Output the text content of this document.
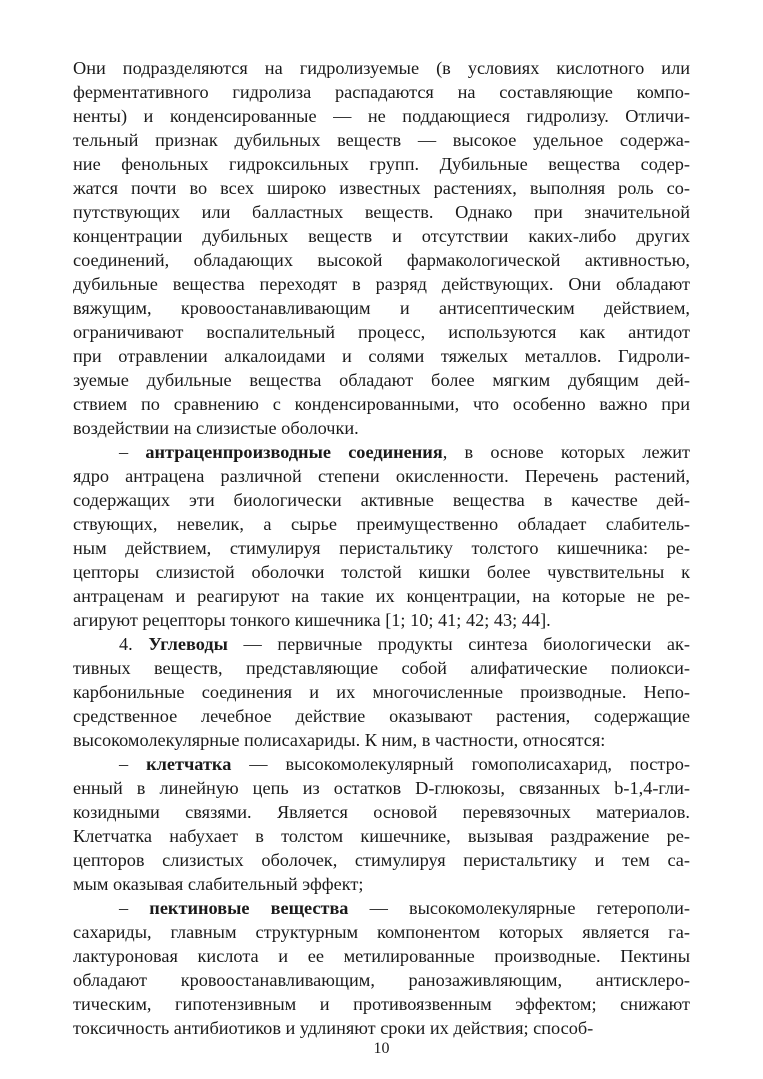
Они подразделяются на гидролизуемые (в условиях кислотного или
ферментативного гидролиза распадаются на составляющие компо-
ненты) и конденсированные — не поддающиеся гидролизу. Отличи-
тельный признак дубильных веществ — высокое удельное содержа-
ние фенольных гидроксильных групп. Дубильные вещества содер-
жатся почти во всех широко известных растениях, выполняя роль со-
путствующих или балластных веществ. Однако при значительной
концентрации дубильных веществ и отсутствии каких-либо других
соединений, обладающих высокой фармакологической активностью,
дубильные вещества переходят в разряд действующих. Они обладают
вяжущим, кровоостанавливающим и антисептическим действием,
ограничивают воспалительный процесс, используются как антидот
при отравлении алкалоидами и солями тяжелых металлов. Гидроли-
зуемые дубильные вещества обладают более мягким дубящим дей-
ствием по сравнению с конденсированными, что особенно важно при
воздействии на слизистые оболочки.

– антраценпроизводные соединения, в основе которых лежит
ядро антрацена различной степени окисленности. Перечень растений,
содержащих эти биологически активные вещества в качестве дей-
ствующих, невелик, а сырье преимущественно обладает слабитель-
ным действием, стимулируя перистальтику толстого кишечника: ре-
цепторы слизистой оболочки толстой кишки более чувствительны к
антраценам и реагируют на такие их концентрации, на которые не ре-
агируют рецепторы тонкого кишечника [1; 10; 41; 42; 43; 44].

4. Углеводы — первичные продукты синтеза биологически ак-
тивных веществ, представляющие собой алифатические полиокси-
карбонильные соединения и их многочисленные производные. Непо-
средственное лечебное действие оказывают растения, содержащие
высокомолекулярные полисахариды. К ним, в частности, относятся:

– клетчатка — высокомолекулярный гомополисахарид, постро-
енный в линейную цепь из остатков D-глюкозы, связанных b-1,4-гли-
козидными связями. Является основой перевязочных материалов.
Клетчатка набухает в толстом кишечнике, вызывая раздражение ре-
цепторов слизистых оболочек, стимулируя перистальтику и тем са-
мым оказывая слабительный эффект;

– пектиновые вещества — высокомолекулярные гетерополи-
сахариды, главным структурным компонентом которых является га-
лактуроновая кислота и ее метилированные производные. Пектины
обладают кровоостанавливающим, ранозаживляющим, антисклеро-
тическим, гипотензивным и противоязвенным эффектом; снижают
токсичность антибиотиков и удлиняют сроки их действия; способ-

10
